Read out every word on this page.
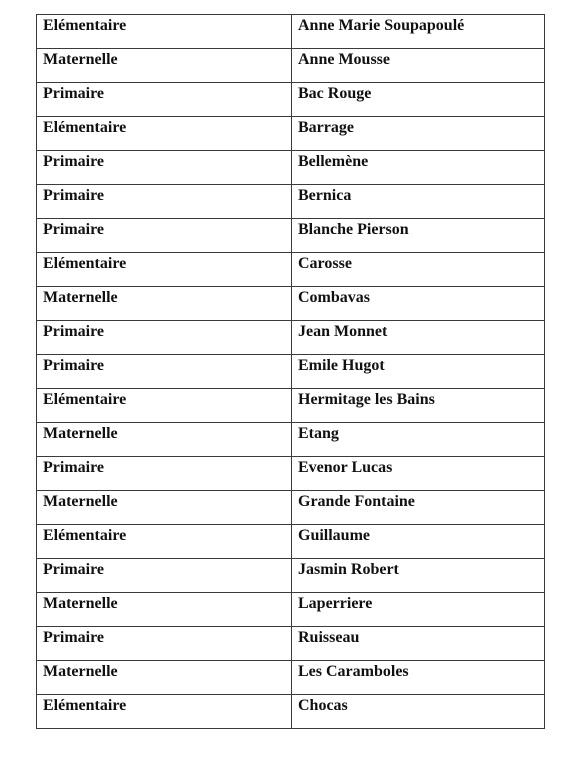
Elémentaire	Anne Marie Soupapoulé

Maternelle	Anne Mousse

Primaire	Bac Rouge

Elémentaire	Barrage

Primaire	Bellemène

Primaire	Bernica

Primaire	Blanche Pierson

Elémentaire	Carosse

Maternelle	Combavas

Primaire	Jean Monnet

Primaire	Emile Hugot

Elémentaire	Hermitage les Bains

Maternelle	Etang

Primaire	Evenor Lucas

Maternelle	Grande Fontaine

Elémentaire	Guillaume

Primaire	Jasmin Robert

Maternelle	Laperriere

Primaire	Ruisseau

Maternelle	Les Caramboles

Elémentaire	Chocas
